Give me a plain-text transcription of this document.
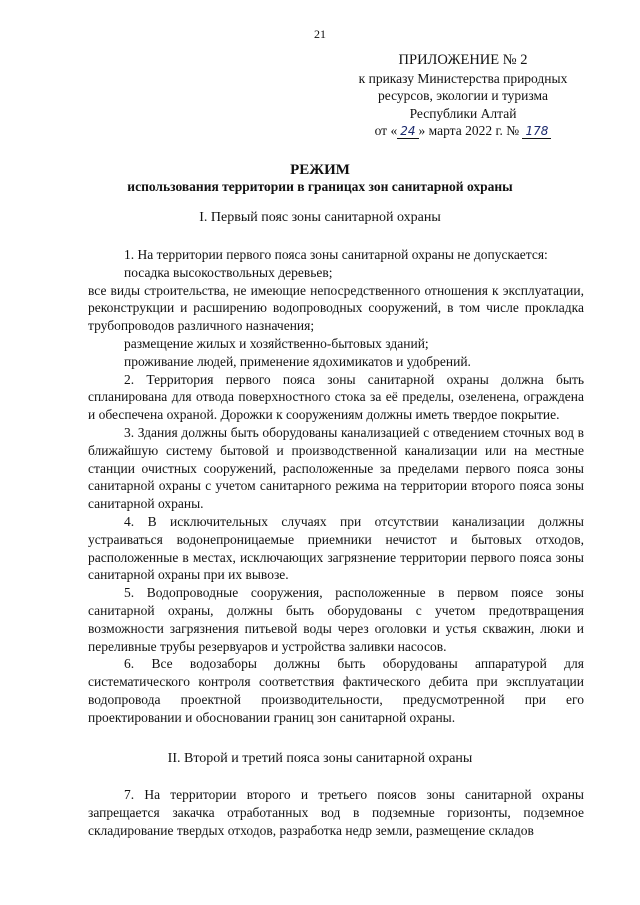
21
ПРИЛОЖЕНИЕ № 2
к приказу Министерства природных
ресурсов, экологии и туризма
Республики Алтай
от « 24 » марта 2022 г. № 178
РЕЖИМ
использования территории в границах зон санитарной охраны
I. Первый пояс зоны санитарной охраны

1. На территории первого пояса зоны санитарной охраны не допускается:

посадка высокоствольных деревьев;

все виды строительства, не имеющие непосредственного отношения к эксплуатации, реконструкции и расширению водопроводных сооружений, в том числе прокладка трубопроводов различного назначения;

размещение жилых и хозяйственно-бытовых зданий;

проживание людей, применение ядохимикатов и удобрений.

2. Территория первого пояса зоны санитарной охраны должна быть спланирована для отвода поверхностного стока за её пределы, озеленена, ограждена и обеспечена охраной. Дорожки к сооружениям должны иметь твердое покрытие.

3. Здания должны быть оборудованы канализацией с отведением сточных вод в ближайшую систему бытовой и производственной канализации или на местные станции очистных сооружений, расположенные за пределами первого пояса зоны санитарной охраны с учетом санитарного режима на территории второго пояса зоны санитарной охраны.

4. В исключительных случаях при отсутствии канализации должны устраиваться водонепроницаемые приемники нечистот и бытовых отходов, расположенные в местах, исключающих загрязнение территории первого пояса зоны санитарной охраны при их вывозе.

5. Водопроводные сооружения, расположенные в первом поясе зоны санитарной охраны, должны быть оборудованы с учетом предотвращения возможности загрязнения питьевой воды через оголовки и устья скважин, люки и переливные трубы резервуаров и устройства заливки насосов.

6. Все водозаборы должны быть оборудованы аппаратурой для систематического контроля соответствия фактического дебита при эксплуатации водопровода проектной производительности, предусмотренной при его проектировании и обосновании границ зон санитарной охраны.

II. Второй и третий пояса зоны санитарной охраны

7. На территории второго и третьего поясов зоны санитарной охраны запрещается закачка отработанных вод в подземные горизонты, подземное складирование твердых отходов, разработка недр земли, размещение складов
